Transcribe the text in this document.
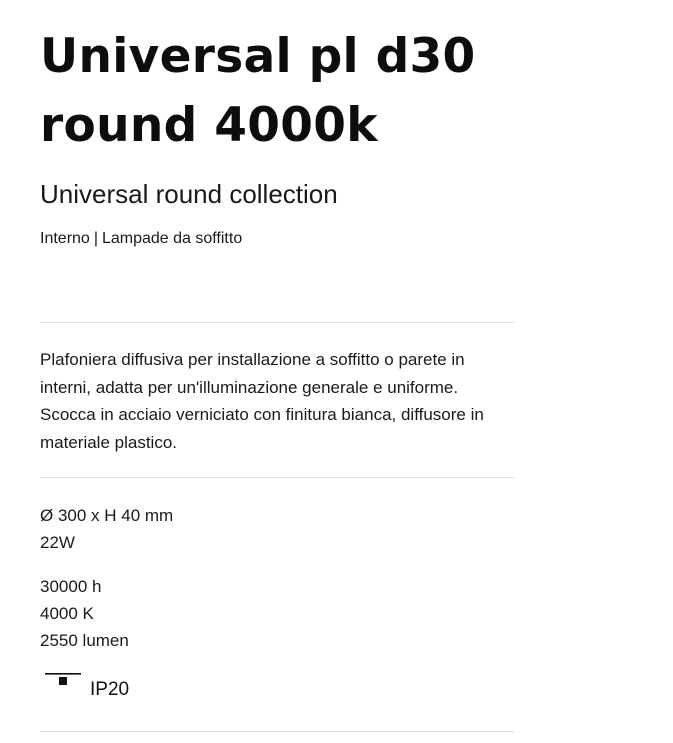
Universal pl d30 round 4000k
Universal round collection
Interno | Lampade da soffitto
Plafoniera diffusiva per installazione a soffitto o parete in interni, adatta per un'illuminazione generale e uniforme. Scocca in acciaio verniciato con finitura bianca, diffusore in materiale plastico.
Ø 300 x H 40 mm
22W
30000 h
4000 K
2550 lumen
IP20
